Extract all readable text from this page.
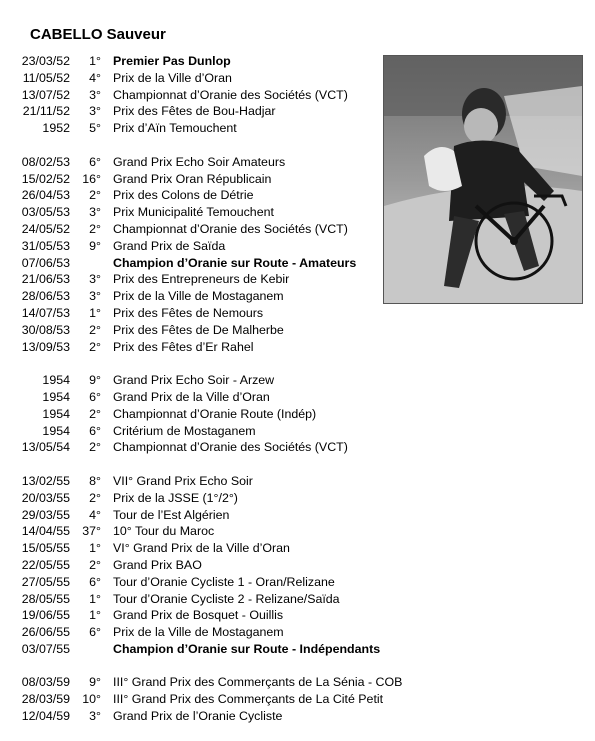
CABELLO Sauveur
23/03/52 1° Premier Pas Dunlop
11/05/52 4° Prix de la Ville d’Oran
13/07/52 3° Championnat d’Oranie des Sociétés (VCT)
21/11/52 3° Prix des Fêtes de Bou-Hadjar
1952 5° Prix d’Aïn Temouchent
08/02/53 6° Grand Prix Echo Soir Amateurs
15/02/52 16° Grand Prix Oran Républicain
26/04/53 2° Prix des Colons de Détrie
03/05/53 3° Prix Municipalité Temouchent
24/05/52 2° Championnat d’Oranie des Sociétés (VCT)
31/05/53 9° Grand Prix de Saïda
07/06/53	Champion d’Oranie sur Route - Amateurs
21/06/53 3° Prix des Entrepreneurs de Kebir
28/06/53 3° Prix de la Ville de Mostaganem
14/07/53 1° Prix des Fêtes de Nemours
30/08/53 2° Prix des Fêtes de De Malherbe
13/09/53 2° Prix des Fêtes d’Er Rahel
1954 9° Grand Prix Echo Soir - Arzew
1954 6° Grand Prix de la Ville d’Oran
1954 2° Championnat d’Oranie Route (Indép)
1954 6° Critérium de Mostaganem
13/05/54 2° Championnat d’Oranie des Sociétés (VCT)
13/02/55 8° VII° Grand Prix Echo Soir
20/03/55 2° Prix de la JSSE (1°/2°)
29/03/55 4° Tour de l’Est Algérien
14/04/55 37° 10° Tour du Maroc
15/05/55 1° VI° Grand Prix de la Ville d’Oran
22/05/55 2° Grand Prix BAO
27/05/55 6° Tour d’Oranie Cycliste 1 - Oran/Relizane
28/05/55 1° Tour d’Oranie Cycliste 2 - Relizane/Saïda
19/06/55 1° Grand Prix de Bosquet - Ouillis
26/06/55 6° Prix de la Ville de Mostaganem
03/07/55	Champion d’Oranie sur Route - Indépendants
08/03/59 9° III° Grand Prix des Commerçants de La Sénia - COB
28/03/59 10° III° Grand Prix des Commerçants de La Cité Petit
12/04/59 3° Grand Prix de l’Oranie Cycliste
